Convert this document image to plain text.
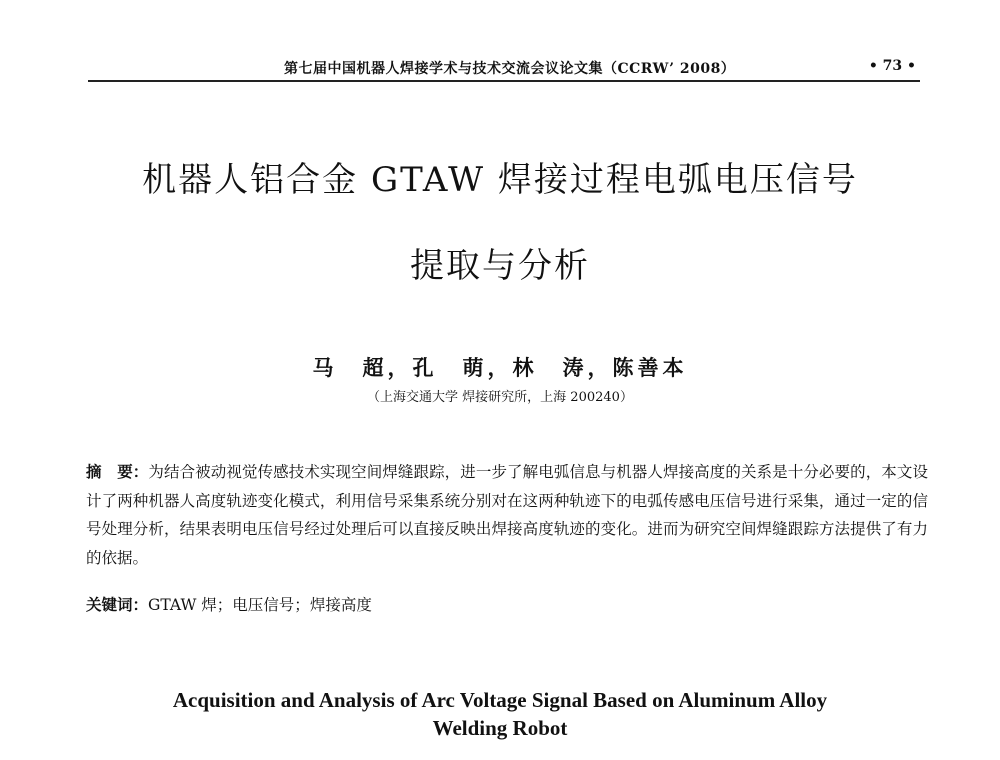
第七届中国机器人焊接学术与技术交流会议论文集（CCRW’ 2008）	• 73 •
机器人铝合金 GTAW 焊接过程电弧电压信号
提取与分析
马　超，孔　萌，林　涛，陈善本
（上海交通大学 焊接研究所，上海 200240）
摘　要：为结合被动视觉传感技术实现空间焊缝跟踪，进一步了解电弧信息与机器人焊接高度的关系是十分必要的，本文设计了两种机器人高度轨迹变化模式，利用信号采集系统分别对在这两种轨迹下的电弧传感电压信号进行采集，通过一定的信号处理分析，结果表明电压信号经过处理后可以直接反映出焊接高度轨迹的变化。进而为研究空间焊缝跟踪方法提供了有力的依据。
关键词：GTAW 焊；电压信号；焊接高度
Acquisition and Analysis of Arc Voltage Signal Based on Aluminum Alloy
Welding Robot
